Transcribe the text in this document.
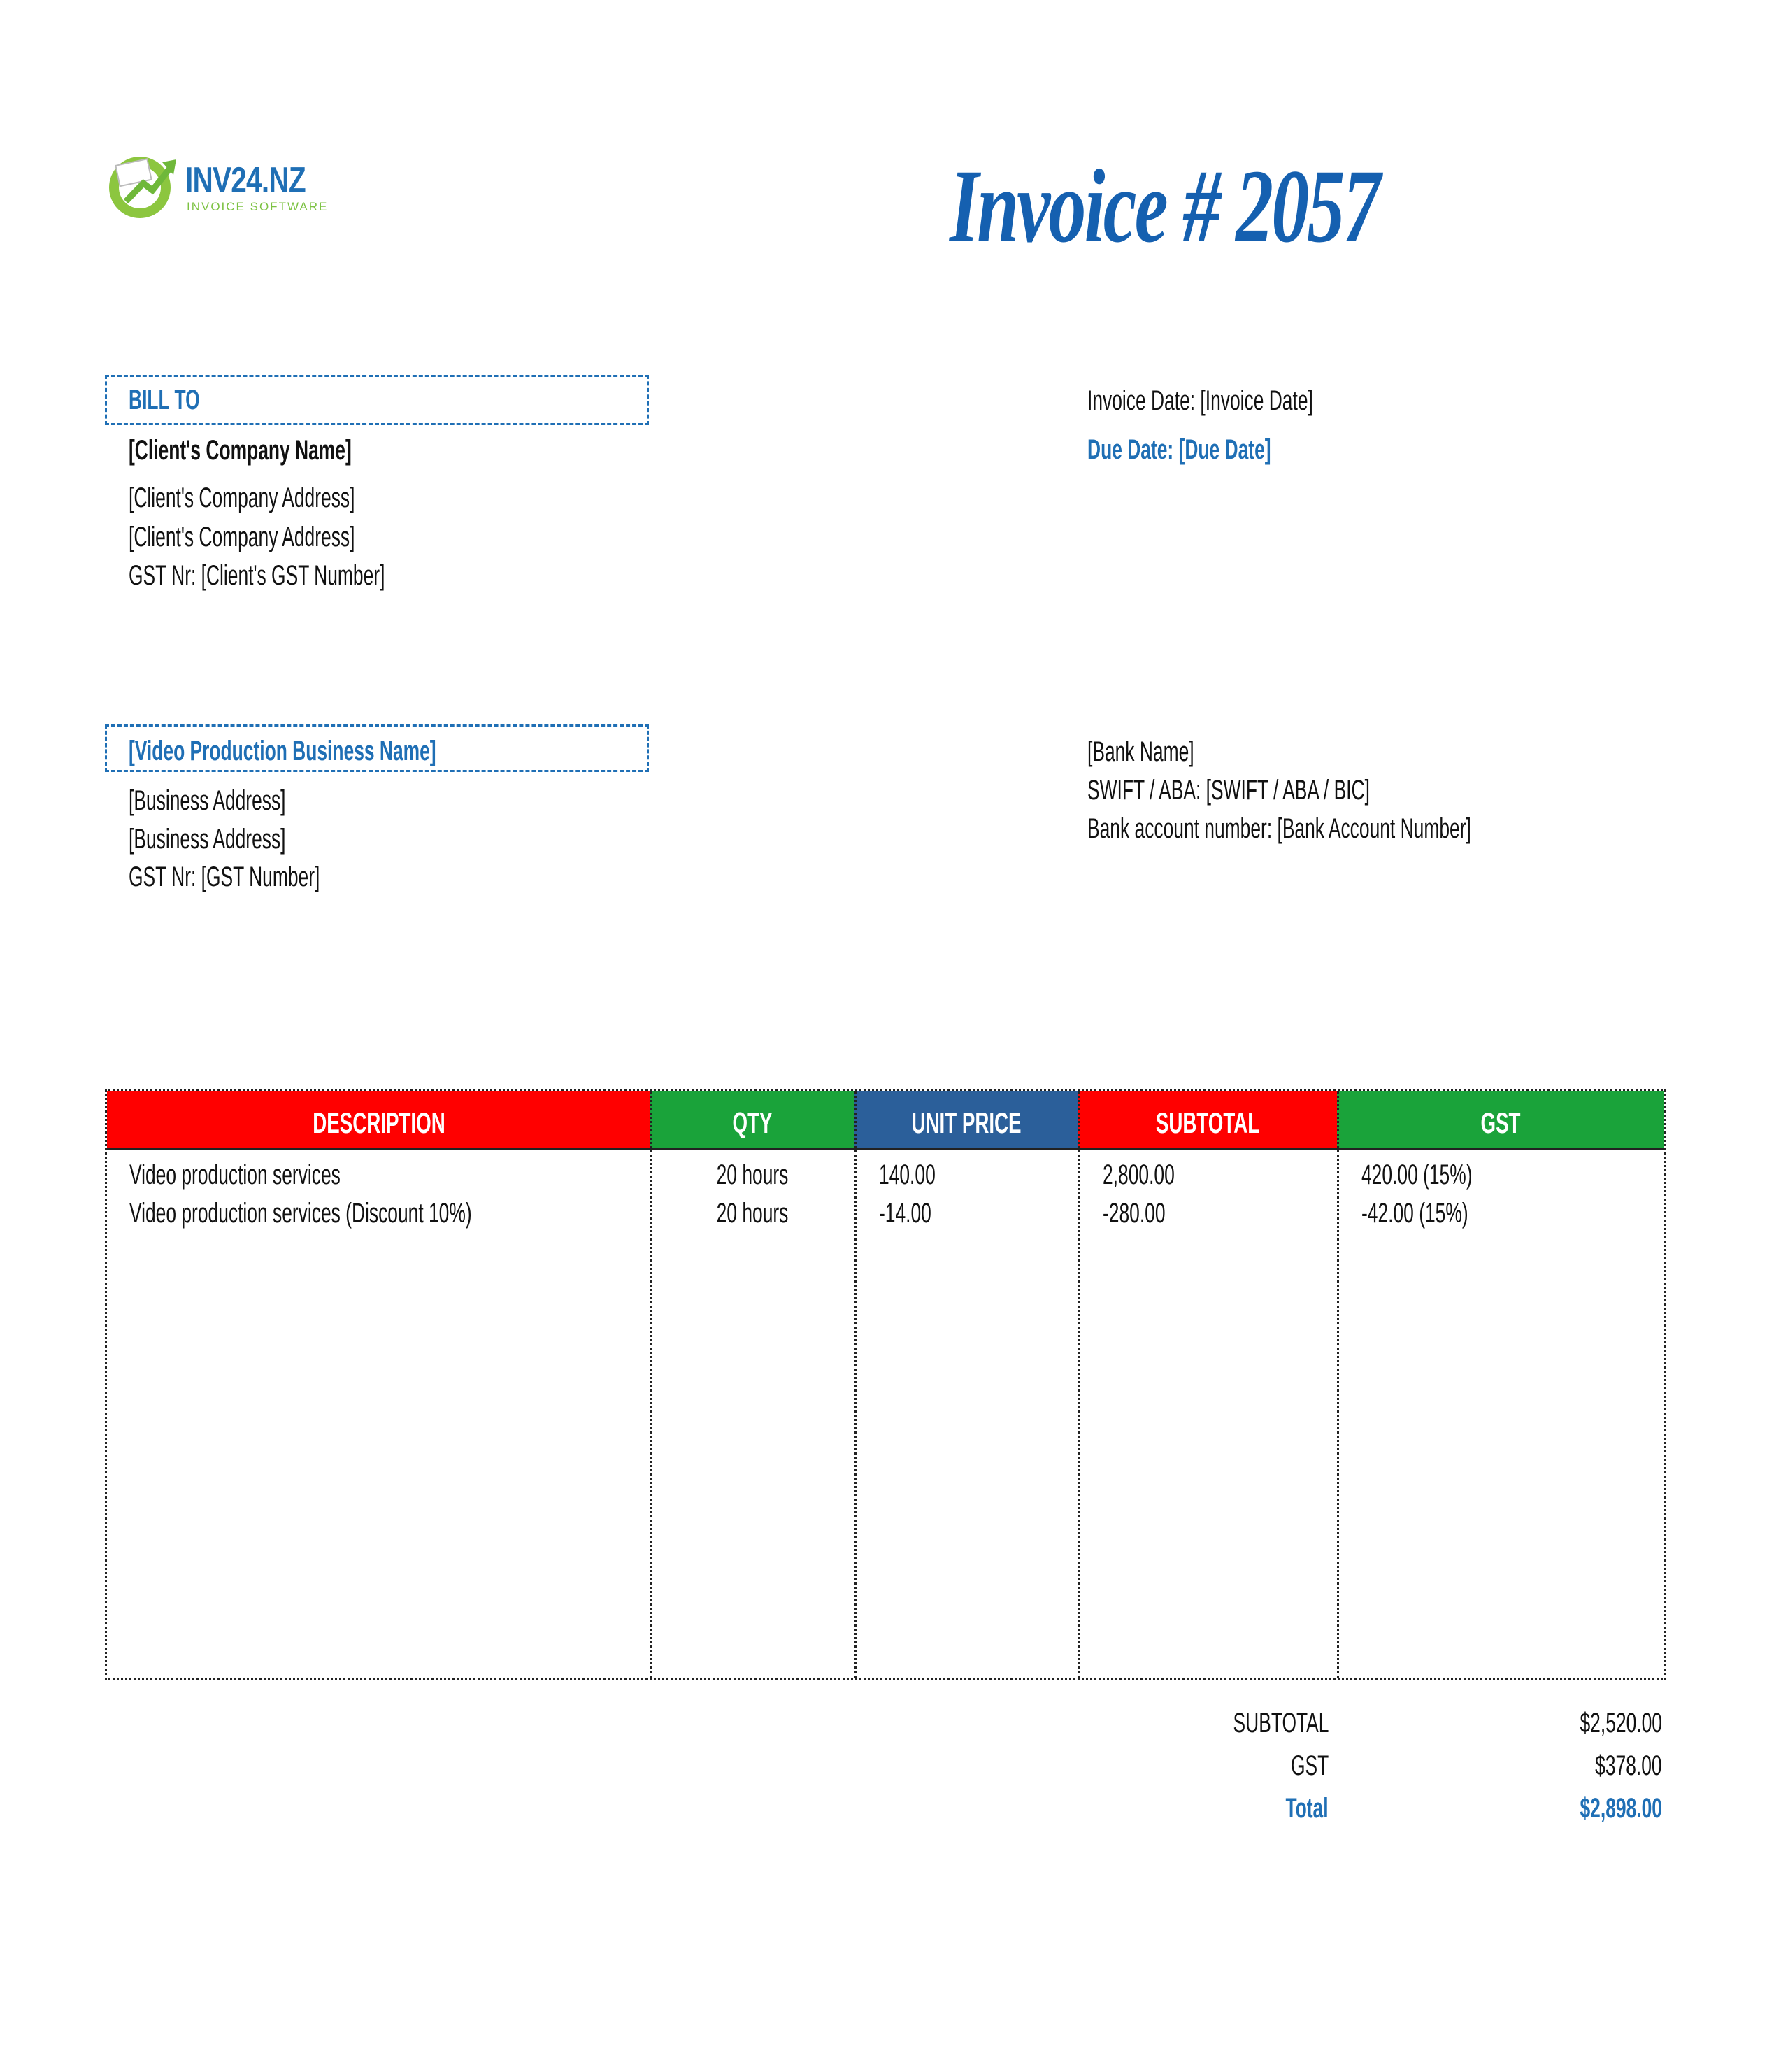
INV24.NZ
INVOICE SOFTWARE	Invoice # 2057
BILL TO
[Client's Company Name]
[Client's Company Address]
[Client's Company Address]
GST Nr: [Client's GST Number]
Invoice Date: [Invoice Date]
Due Date: [Due Date]
[Video Production Business Name]
[Business Address]
[Business Address]
GST Nr: [GST Number]
[Bank Name]
SWIFT / ABA: [SWIFT / ABA / BIC]
Bank account number: [Bank Account Number]
DESCRIPTION	QTY	UNIT PRICE	SUBTOTAL	GST
Video production services	20 hours	140.00	2,800.00	420.00 (15%)
Video production services (Discount 10%)	20 hours	-14.00	-280.00	-42.00 (15%)
SUBTOTAL	$2,520.00
GST	$378.00
Total	$2,898.00
